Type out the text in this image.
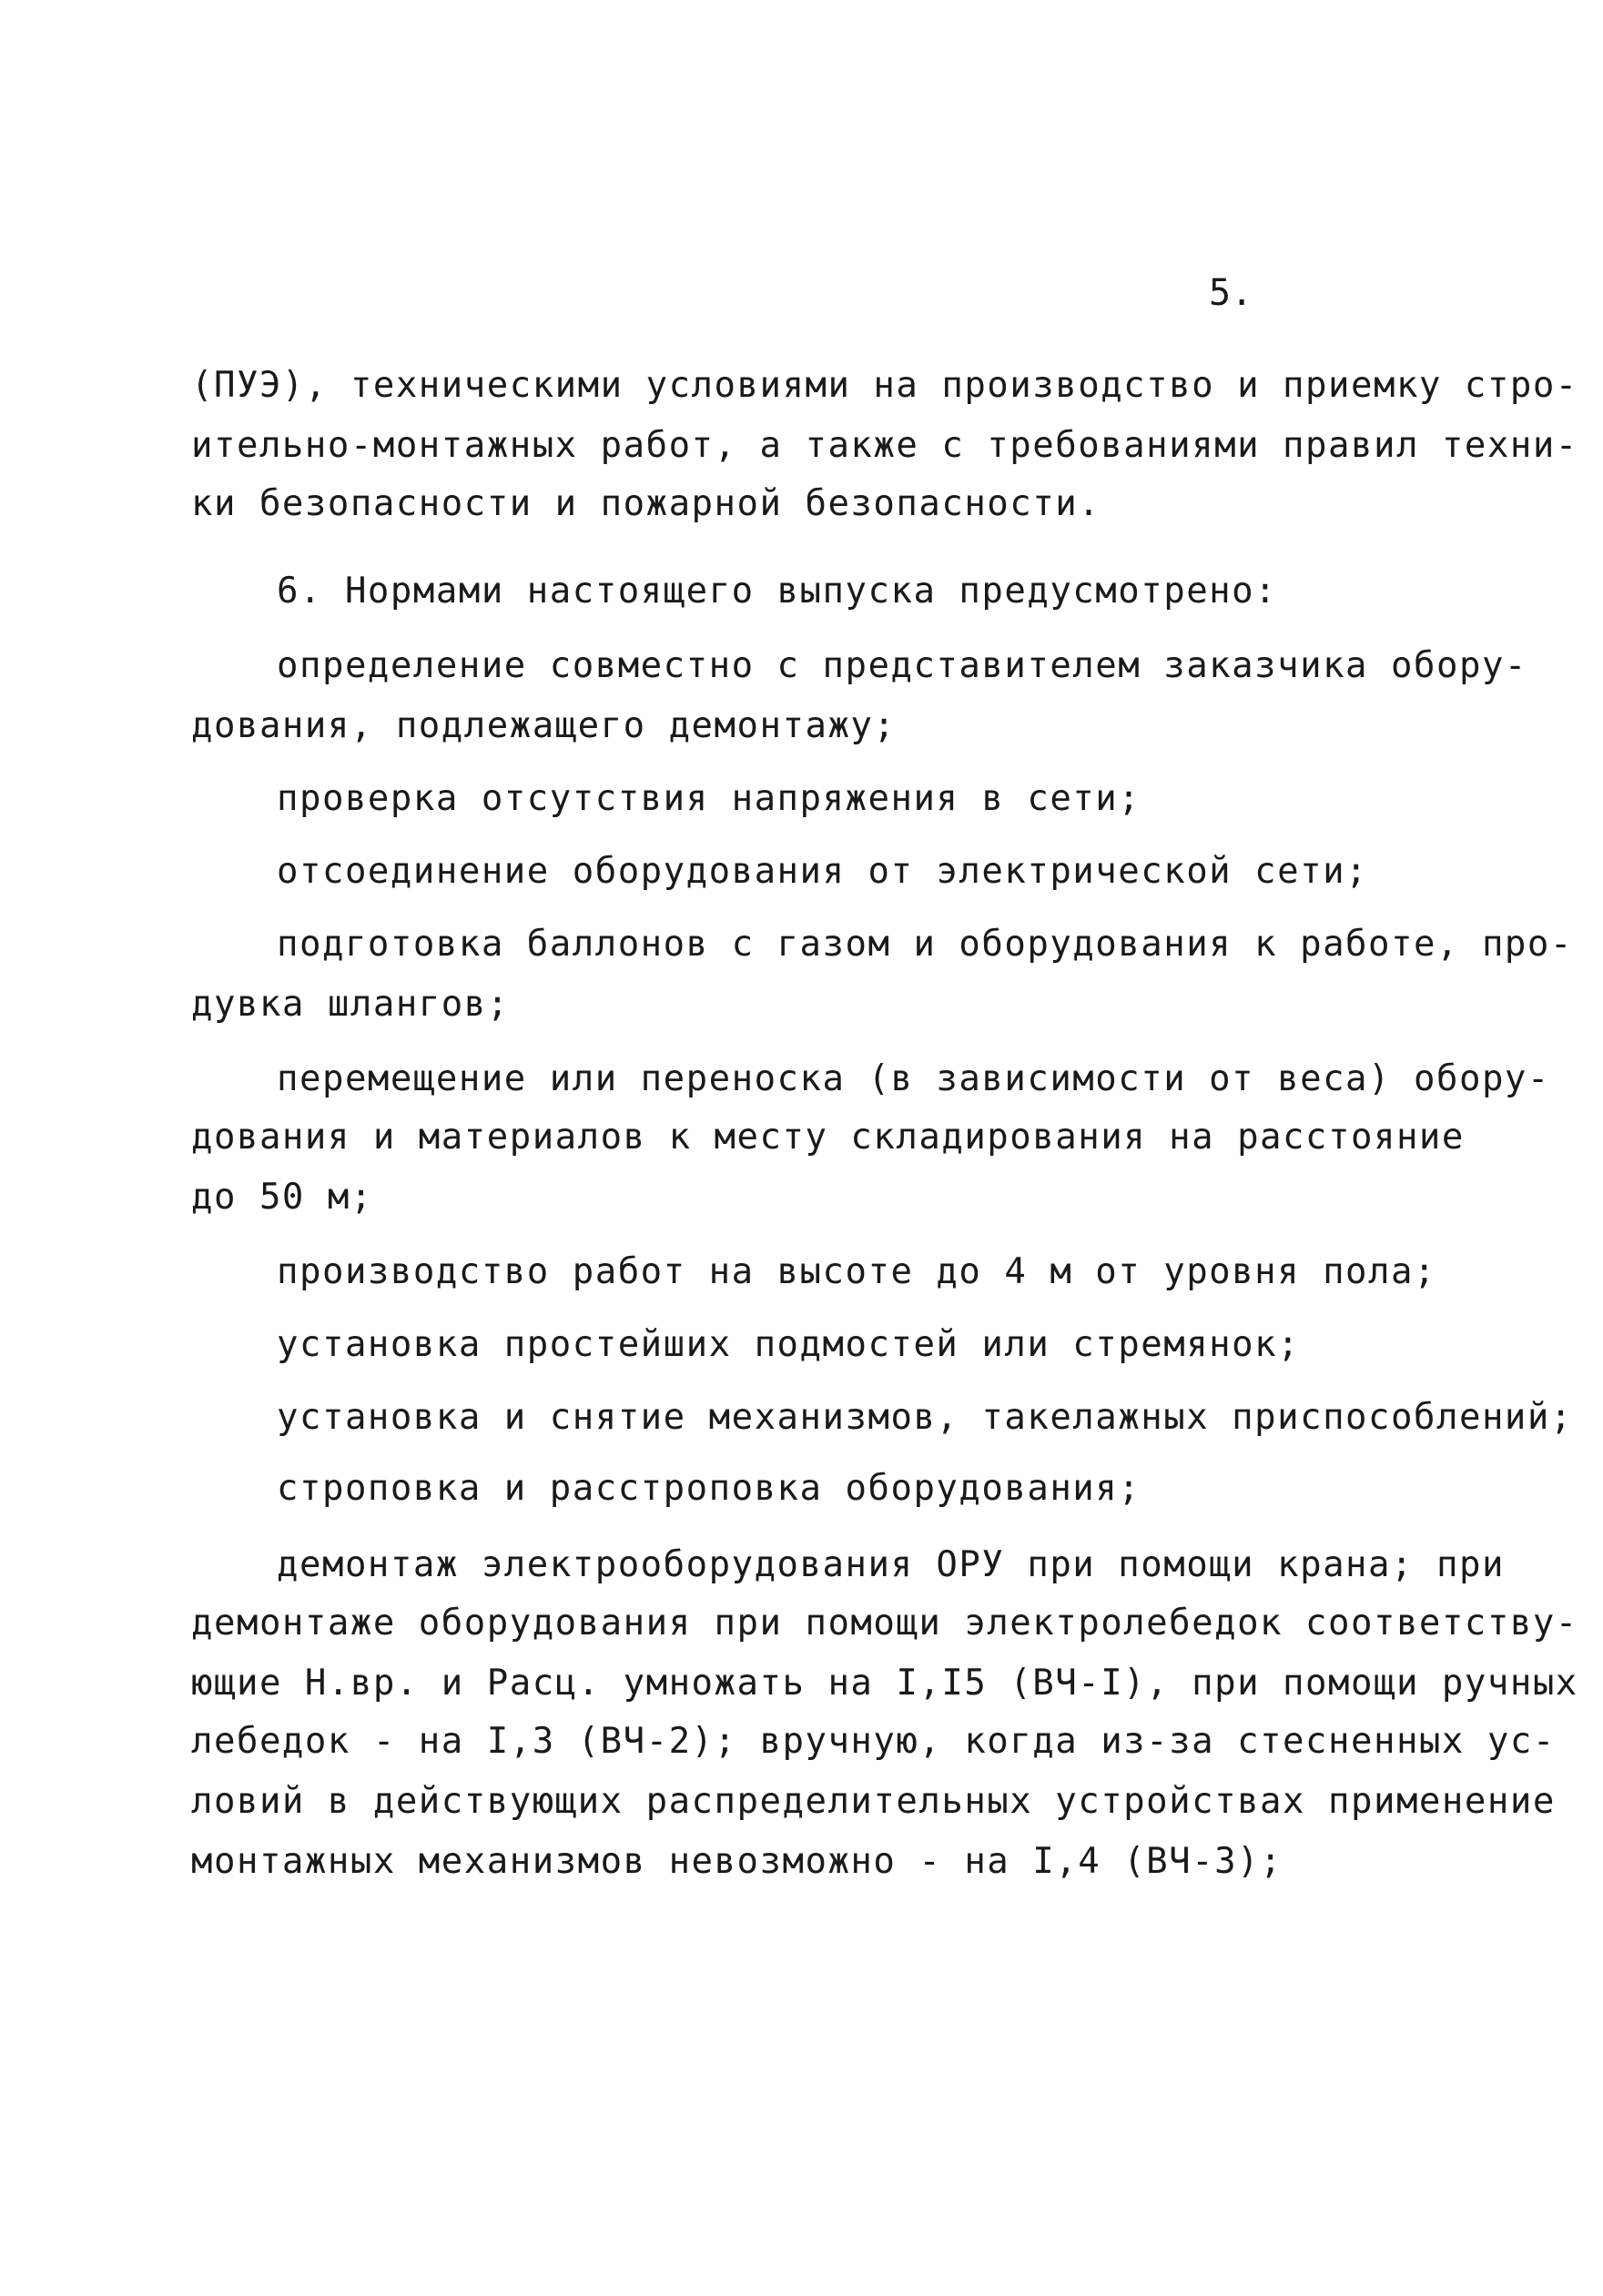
5.
(ПУЭ), техническими условиями на производство и приемку стро-
ительно-монтажных работ, а также с требованиями правил техни-
ки безопасности и пожарной безопасности.
6. Нормами настоящего выпуска предусмотрено:
определение совместно с представителем заказчика обору-
дования, подлежащего демонтажу;
проверка отсутствия напряжения в сети;
отсоединение оборудования от электрической сети;
подготовка баллонов с газом и оборудования к работе, про-
дувка шлангов;
перемещение или переноска (в зависимости от веса) обору-
дования и материалов к месту складирования на расстояние
до 50 м;
производство работ на высоте до 4 м от уровня пола;
установка простейших подмостей или стремянок;
установка и снятие механизмов, такелажных приспособлений;
строповка и расстроповка оборудования;
демонтаж электрооборудования ОРУ при помощи крана; при
демонтаже оборудования при помощи электролебедок соответству-
ющие Н.вр. и Расц. умножать на I,I5 (ВЧ-I), при помощи ручных
лебедок - на I,3 (ВЧ-2); вручную, когда из-за стесненных ус-
ловий в действующих распределительных устройствах применение
монтажных механизмов невозможно - на I,4 (ВЧ-3);
